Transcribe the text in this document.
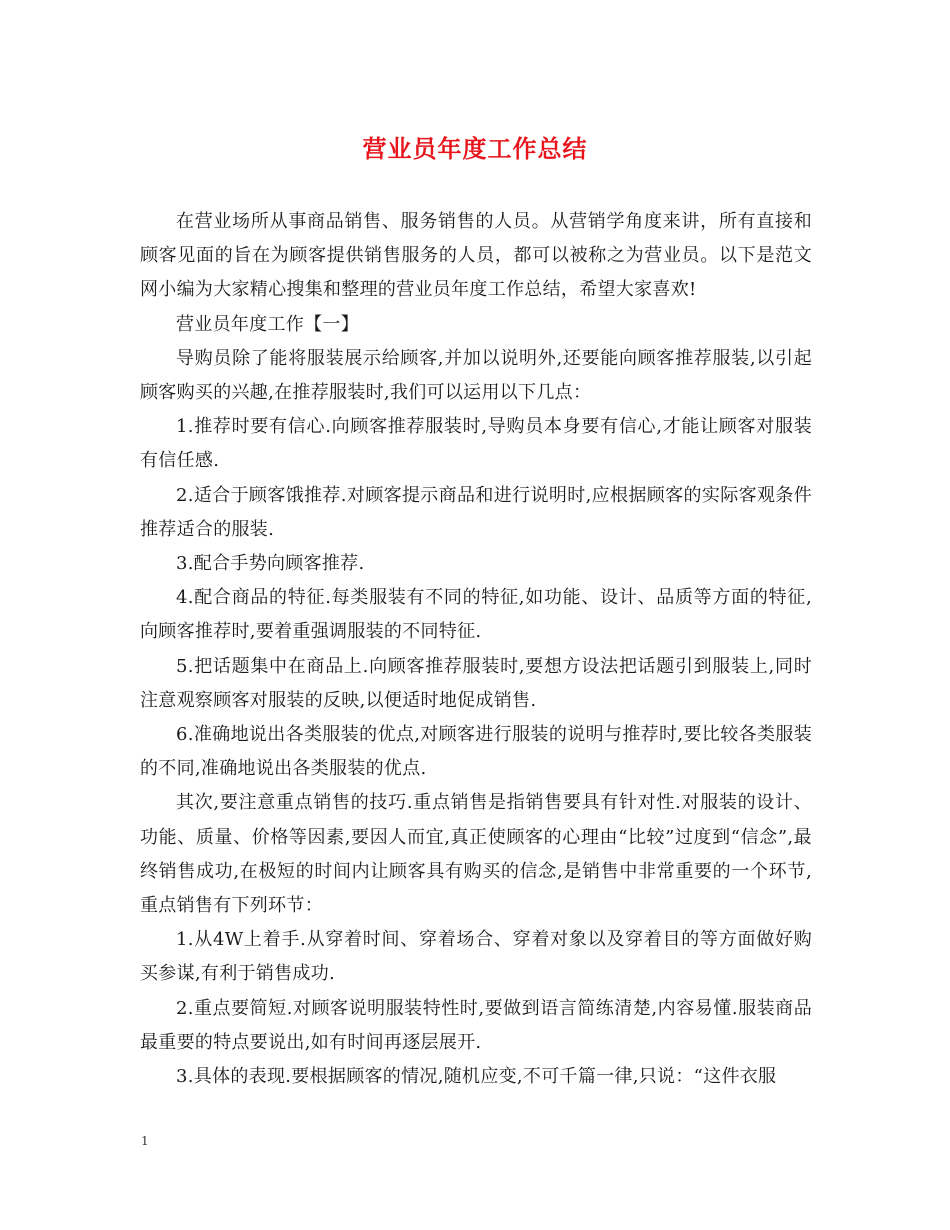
营业员年度工作总结

在营业场所从事商品销售、服务销售的人员。从营销学角度来讲，所有直接和顾客见面的旨在为顾客提供销售服务的人员，都可以被称之为营业员。以下是范文网小编为大家精心搜集和整理的营业员年度工作总结，希望大家喜欢!

营业员年度工作【一】

导购员除了能将服装展示给顾客,并加以说明外,还要能向顾客推荐服装,以引起顾客购买的兴趣,在推荐服装时,我们可以运用以下几点：

1.推荐时要有信心.向顾客推荐服装时,导购员本身要有信心,才能让顾客对服装有信任感.

2.适合于顾客饿推荐.对顾客提示商品和进行说明时,应根据顾客的实际客观条件推荐适合的服装.

3.配合手势向顾客推荐.

4.配合商品的特征.每类服装有不同的特征,如功能、设计、品质等方面的特征,向顾客推荐时,要着重强调服装的不同特征.

5.把话题集中在商品上.向顾客推荐服装时,要想方设法把话题引到服装上,同时注意观察顾客对服装的反映,以便适时地促成销售.

6.准确地说出各类服装的优点,对顾客进行服装的说明与推荐时,要比较各类服装的不同,准确地说出各类服装的优点.

其次,要注意重点销售的技巧.重点销售是指销售要具有针对性.对服装的设计、功能、质量、价格等因素,要因人而宜,真正使顾客的心理由“比较”过度到“信念”,最终销售成功,在极短的时间内让顾客具有购买的信念,是销售中非常重要的一个环节,重点销售有下列环节：

1.从4W上着手.从穿着时间、穿着场合、穿着对象以及穿着目的等方面做好购买参谋,有利于销售成功.

2.重点要简短.对顾客说明服装特性时,要做到语言简练清楚,内容易懂.服装商品最重要的特点要说出,如有时间再逐层展开.

3.具体的表现.要根据顾客的情况,随机应变,不可千篇一律,只说：“这件衣服

1
